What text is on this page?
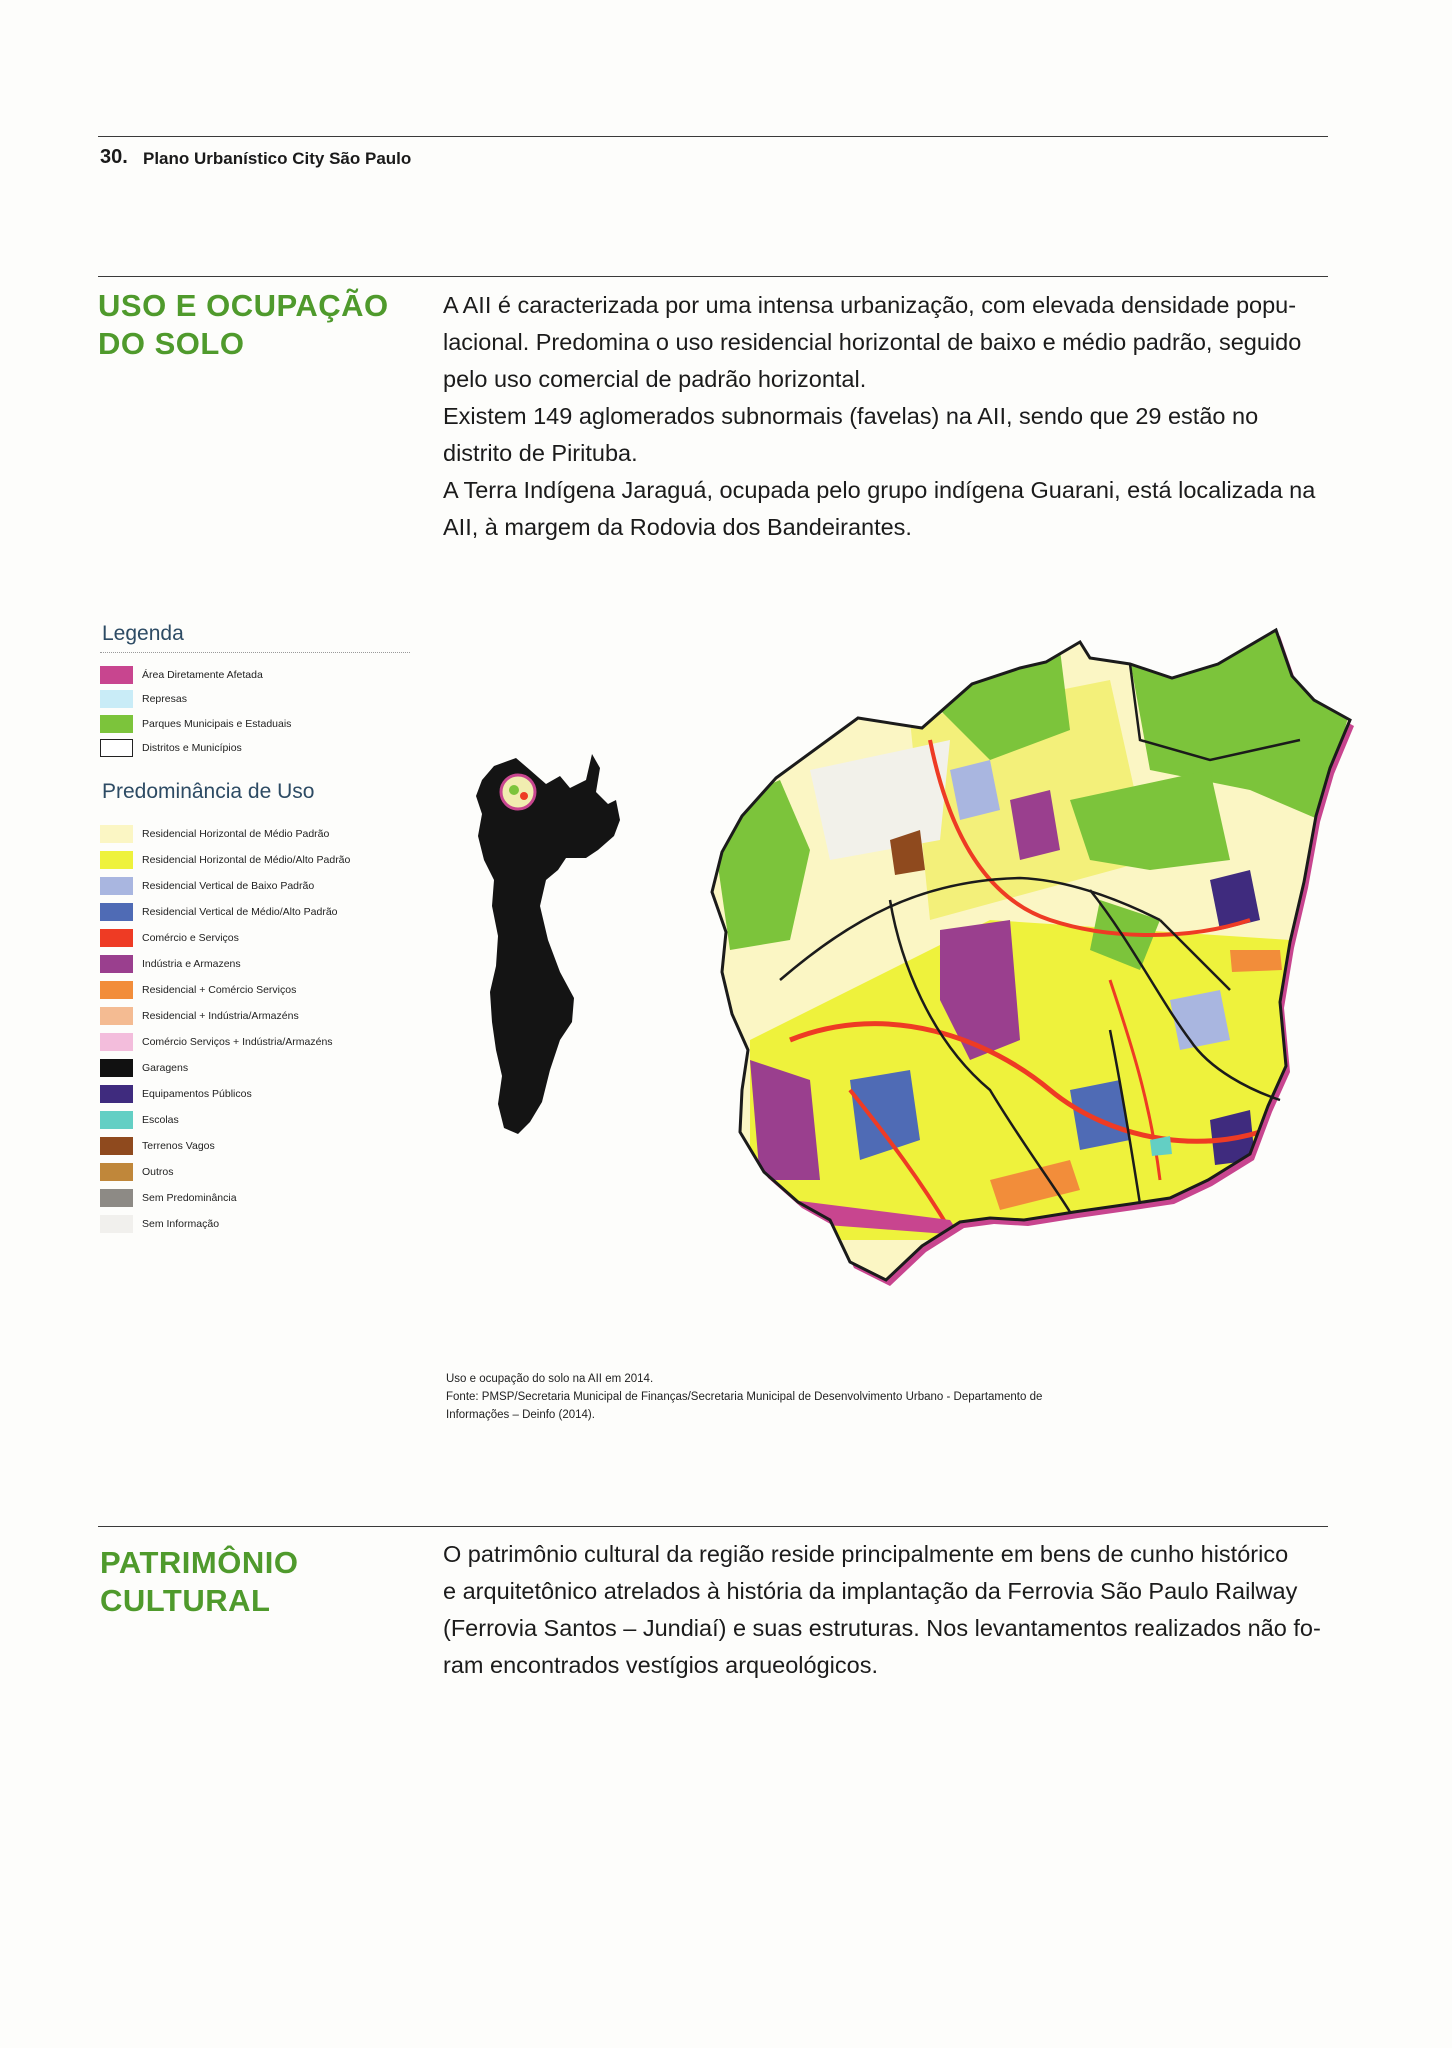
30. Plano Urbanístico City São Paulo
USO E OCUPAÇÃO
DO SOLO

A AII é caracterizada por uma intensa urbanização, com elevada densidade popu-
lacional. Predomina o uso residencial horizontal de baixo e médio padrão, seguido
pelo uso comercial de padrão horizontal.

Existem 149 aglomerados subnormais (favelas) na AII, sendo que 29 estão no
distrito de Pirituba.

A Terra Indígena Jaraguá, ocupada pelo grupo indígena Guarani, está localizada na
AII, à margem da Rodovia dos Bandeirantes.

Legenda
Área Diretamente Afetada
Represas
Parques Municipais e Estaduais
Distritos e Municípios
Predominância de Uso
Residencial Horizontal de Médio Padrão
Residencial Horizontal de Médio/Alto Padrão
Residencial Vertical de Baixo Padrão
Residencial Vertical de Médio/Alto Padrão
Comércio e Serviços
Indústria e Armazens
Residencial + Comércio Serviços
Residencial + Indústria/Armazéns
Comércio Serviços + Indústria/Armazéns
Garagens
Equipamentos Públicos
Escolas
Terrenos Vagos
Outros
Sem Predominância
Sem Informação
Uso e ocupação do solo na AII em 2014.
Fonte: PMSP/Secretaria Municipal de Finanças/Secretaria Municipal de Desenvolvimento Urbano - Departamento de
Informações – Deinfo (2014).
PATRIMÔNIO
CULTURAL

O patrimônio cultural da região reside principalmente em bens de cunho histórico
e arquitetônico atrelados à história da implantação da Ferrovia São Paulo Railway
(Ferrovia Santos – Jundiaí) e suas estruturas. Nos levantamentos realizados não fo-
ram encontrados vestígios arqueológicos.
